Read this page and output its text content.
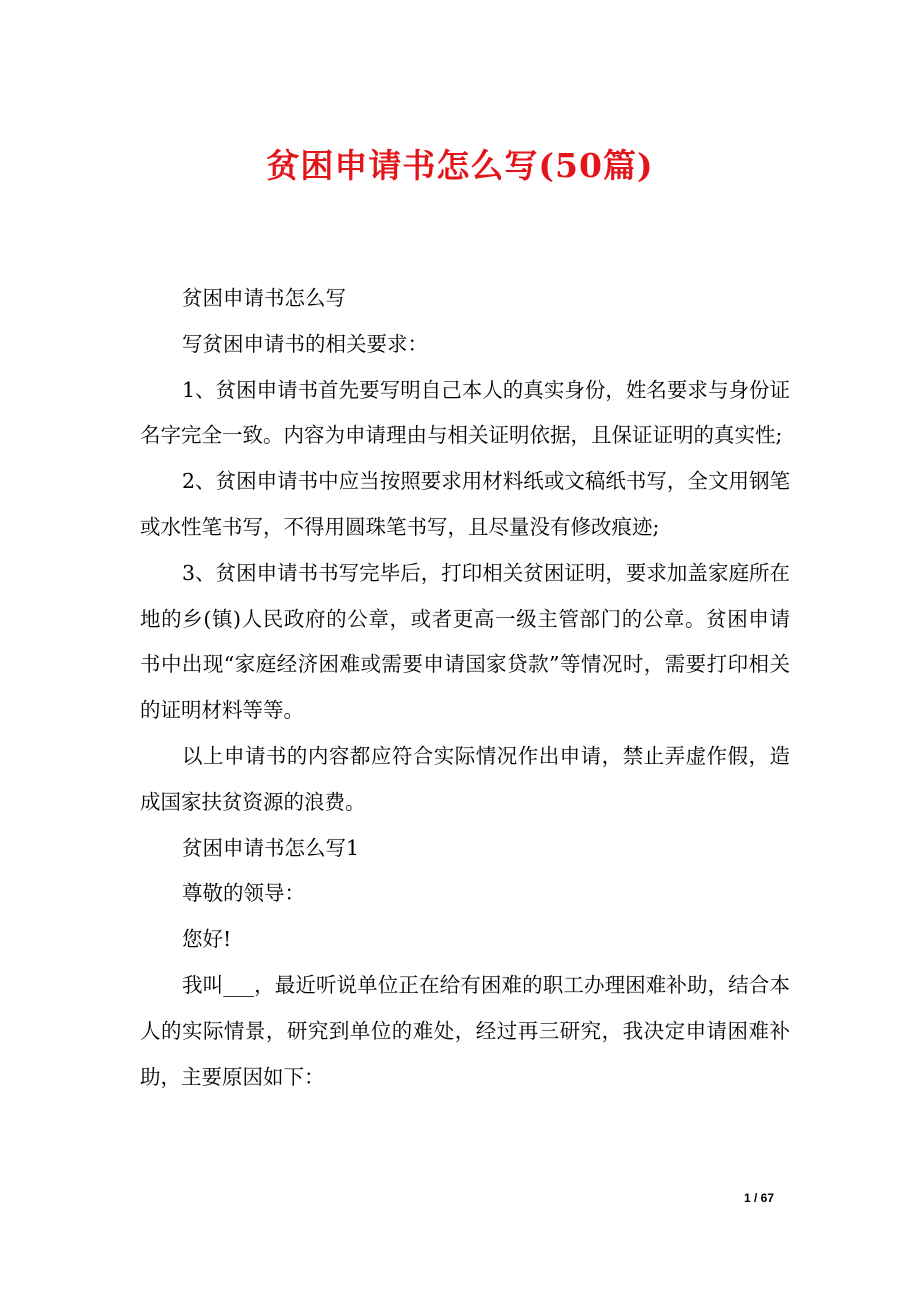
贫困申请书怎么写(50篇)

贫困申请书怎么写

写贫困申请书的相关要求：

1、贫困申请书首先要写明自己本人的真实身份，姓名要求与身份证名字完全一致。内容为申请理由与相关证明依据，且保证证明的真实性;

2、贫困申请书中应当按照要求用材料纸或文稿纸书写，全文用钢笔或水性笔书写，不得用圆珠笔书写，且尽量没有修改痕迹;

3、贫困申请书书写完毕后，打印相关贫困证明，要求加盖家庭所在地的乡(镇)人民政府的公章，或者更高一级主管部门的公章。贫困申请书中出现“家庭经济困难或需要申请国家贷款”等情况时，需要打印相关的证明材料等等。

以上申请书的内容都应符合实际情况作出申请，禁止弄虚作假，造成国家扶贫资源的浪费。

贫困申请书怎么写1

尊敬的领导：

您好!

我叫___，最近听说单位正在给有困难的职工办理困难补助，结合本人的实际情景，研究到单位的难处，经过再三研究，我决定申请困难补助，主要原因如下：

1 / 67
